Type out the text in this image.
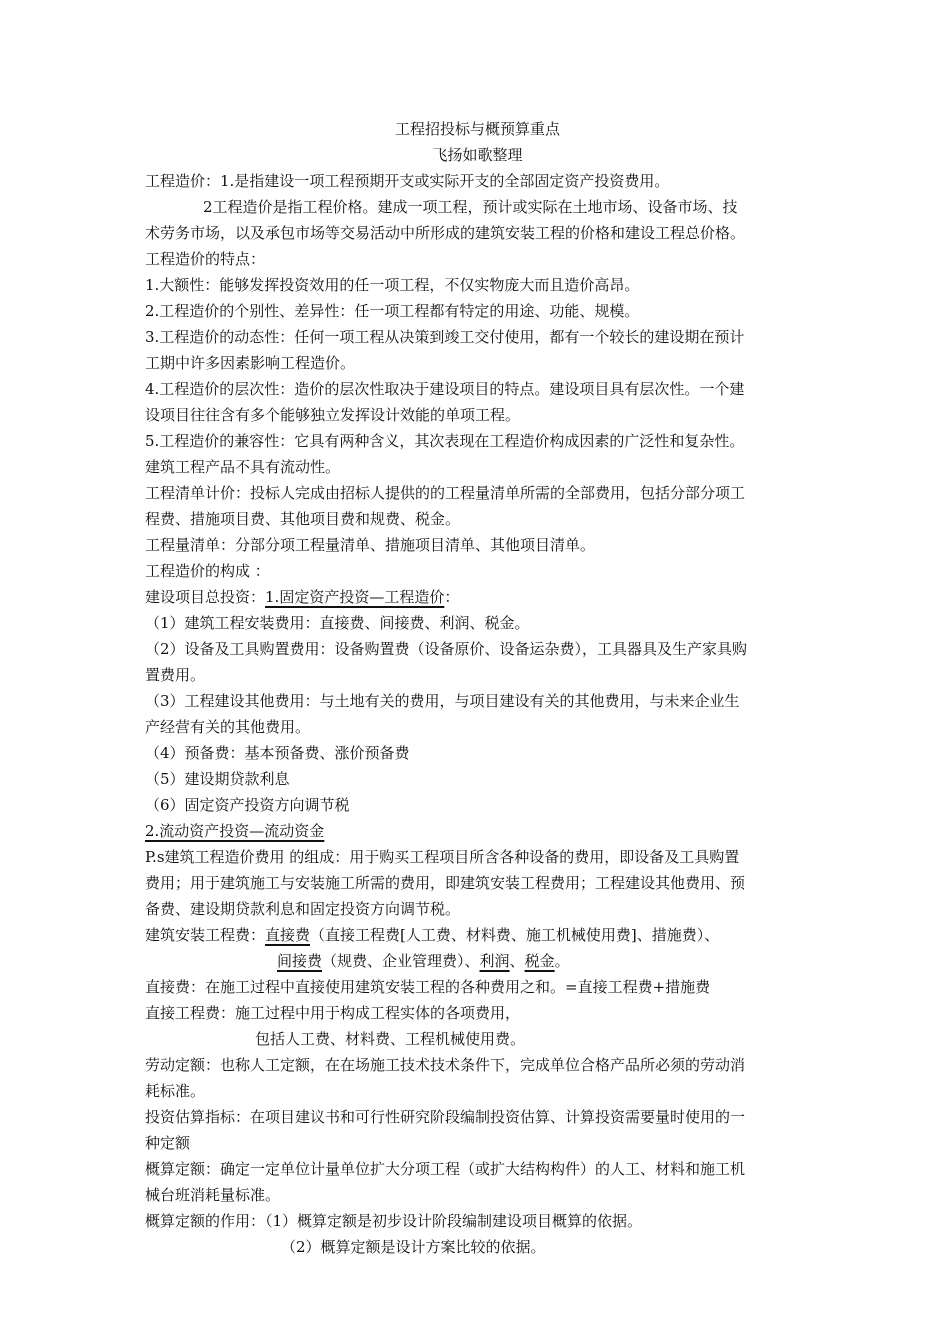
工程招投标与概预算重点
飞扬如歌整理
工程造价：1.是指建设一项工程预期开支或实际开支的全部固定资产投资费用。
2工程造价是指工程价格。建成一项工程，预计或实际在土地市场、设备市场、技
术劳务市场，以及承包市场等交易活动中所形成的建筑安装工程的价格和建设工程总价格。
工程造价的特点：
1.大额性：能够发挥投资效用的任一项工程，不仅实物庞大而且造价高昂。
2.工程造价的个别性、差异性：任一项工程都有特定的用途、功能、规模。
3.工程造价的动态性：任何一项工程从决策到竣工交付使用，都有一个较长的建设期在预计
工期中许多因素影响工程造价。
4.工程造价的层次性：造价的层次性取决于建设项目的特点。建设项目具有层次性。一个建
设项目往往含有多个能够独立发挥设计效能的单项工程。
5.工程造价的兼容性：它具有两种含义，其次表现在工程造价构成因素的广泛性和复杂性。
建筑工程产品不具有流动性。
工程清单计价：投标人完成由招标人提供的的工程量清单所需的全部费用，包括分部分项工
程费、措施项目费、其他项目费和规费、税金。
工程量清单：分部分项工程量清单、措施项目清单、其他项目清单。
工程造价的构成 ：
建设项目总投资：1.固定资产投资—工程造价：
（1）建筑工程安装费用：直接费、间接费、利润、税金。
（2）设备及工具购置费用：设备购置费（设备原价、设备运杂费），工具器具及生产家具购
置费用。
（3）工程建设其他费用：与土地有关的费用，与项目建设有关的其他费用，与未来企业生
产经营有关的其他费用。
（4）预备费：基本预备费、涨价预备费
（5）建设期贷款利息
（6）固定资产投资方向调节税
2.流动资产投资—流动资金
P.s建筑工程造价费用 的组成：用于购买工程项目所含各种设备的费用，即设备及工具购置
费用；用于建筑施工与安装施工所需的费用，即建筑安装工程费用；工程建设其他费用、预
备费、建设期贷款利息和固定投资方向调节税。
建筑安装工程费：直接费（直接工程费[人工费、材料费、施工机械使用费]、措施费）、
间接费（规费、企业管理费）、利润、税金。
直接费：在施工过程中直接使用建筑安装工程的各种费用之和。=直接工程费+措施费
直接工程费：施工过程中用于构成工程实体的各项费用，
包括人工费、材料费、工程机械使用费。
劳动定额：也称人工定额，在在场施工技术技术条件下，完成单位合格产品所必须的劳动消
耗标准。
投资估算指标：在项目建议书和可行性研究阶段编制投资估算、计算投资需要量时使用的一
种定额
概算定额：确定一定单位计量单位扩大分项工程（或扩大结构构件）的人工、材料和施工机
械台班消耗量标准。
概算定额的作用：（1）概算定额是初步设计阶段编制建设项目概算的依据。
（2）概算定额是设计方案比较的依据。
